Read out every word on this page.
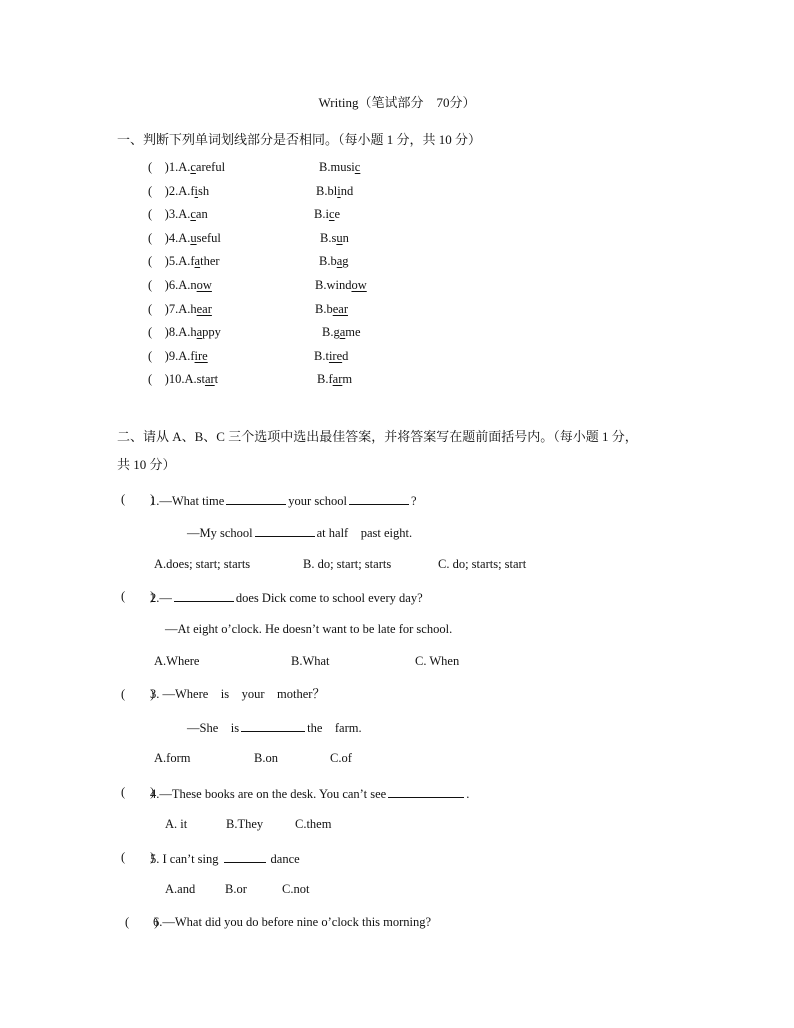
Writing（笔试部分　70分）
一、判断下列单词划线部分是否相同。（每小题 1 分，共 10 分）
(　)1.A.careful	B.music
(　)2.A.fish	B.blind
(　)3.A.can	B.ice
(　)4.A.useful	B.sun
(　)5.A.father	B.bag
(　)6.A.now	B.window
(　)7.A.hear	B.bear
(　)8.A.happy	B.game
(　)9.A.fire	B.tired
(　)10.A.start	B.farm
二、请从 A、B、C 三个选项中选出最佳答案，并将答案写在题前面括号内。（每小题 1 分，
共 10 分）
(　　)
1.—What time	your school	?
—My school	at half　past eight.
A.does; start; starts	B. do; start; starts	C. do; starts; start
(　　)
2.—	does Dick come to school every day?
—At eight o’clock. He doesn’t want to be late for school.
A.Where	B.What	C. When
(　　)
3. —Where　is　your　mother？
—She　is	the　farm.
A.form	B.on	C.of
(　　)
4.—These books are on the desk. You can’t see	.
A. it	B.They	C.them
(　　)
5. I can’t sing	dance
A.and B.or	C.not
(　　)
6.—What did you do before nine o’clock this morning?
